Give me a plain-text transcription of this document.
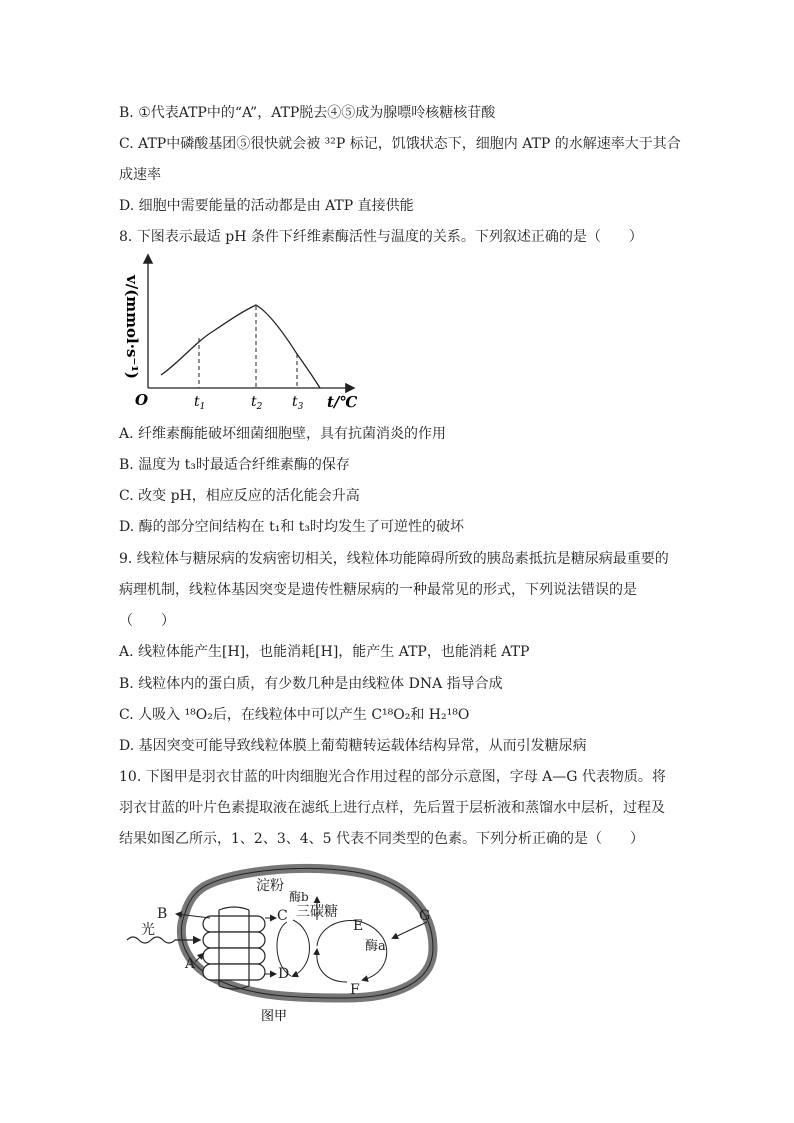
B. ①代表ATP中的“A”，ATP脱去④⑤成为腺嘌呤核糖核苷酸
C. ATP中磷酸基团⑤很快就会被 ³²P 标记，饥饿状态下，细胞内 ATP 的水解速率大于其合
成速率
D. 细胞中需要能量的活动都是由 ATP 直接供能
8. 下图表示最适 pH 条件下纤维素酶活性与温度的关系。下列叙述正确的是（　　）
v/(mmol·s⁻¹)
O	t/℃
$t_1$	$t_2$ $t_3$
A. 纤维素酶能破坏细菌细胞壁，具有抗菌消炎的作用
B. 温度为 t₃时最适合纤维素酶的保存
C. 改变 pH，相应反应的活化能会升高
D. 酶的部分空间结构在 t₁和 t₃时均发生了可逆性的破坏
9. 线粒体与糖尿病的发病密切相关，线粒体功能障碍所致的胰岛素抵抗是糖尿病最重要的
病理机制，线粒体基因突变是遗传性糖尿病的一种最常见的形式，下列说法错误的是
（　　）
A. 线粒体能产生[H]，也能消耗[H]，能产生 ATP，也能消耗 ATP
B. 线粒体内的蛋白质，有少数几种是由线粒体 DNA 指导合成
C. 人吸入 ¹⁸O₂后，在线粒体中可以产生 C¹⁸O₂和 H₂¹⁸O
D. 基因突变可能导致线粒体膜上葡萄糖转运载体结构异常，从而引发糖尿病
10. 下图甲是羽衣甘蓝的叶肉细胞光合作用过程的部分示意图，字母 A—G 代表物质。将
羽衣甘蓝的叶片色素提取液在滤纸上进行点样，先后置于层析液和蒸馏水中层析，过程及
结果如图乙所示，1、2、3、4、5 代表不同类型的色素。下列分析正确的是（　　）
B
光
A
C
D
E
F
G
淀粉
酶b
三碳糖
酶a
图甲
